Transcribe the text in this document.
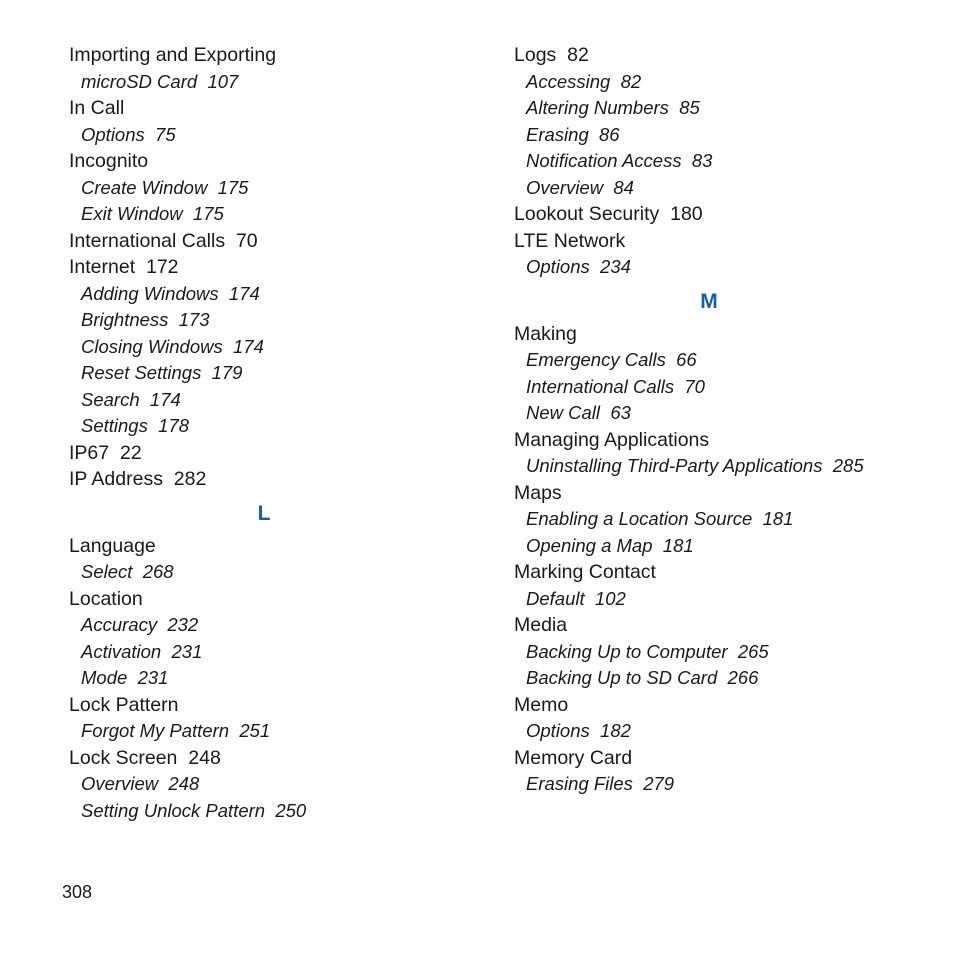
Importing and Exporting
microSD Card 107
In Call
Options 75
Incognito
Create Window 175
Exit Window 175
International Calls 70
Internet 172
Adding Windows 174
Brightness 173
Closing Windows 174
Reset Settings 179
Search 174
Settings 178
IP67 22
IP Address 282
L
Language
Select 268
Location
Accuracy 232
Activation 231
Mode 231
Lock Pattern
Forgot My Pattern 251
Lock Screen 248
Overview 248
Setting Unlock Pattern 250
Logs 82
Accessing 82
Altering Numbers 85
Erasing 86
Notification Access 83
Overview 84
Lookout Security 180
LTE Network
Options 234
M
Making
Emergency Calls 66
International Calls 70
New Call 63
Managing Applications
Uninstalling Third-Party Applications 285
Maps
Enabling a Location Source 181
Opening a Map 181
Marking Contact
Default 102
Media
Backing Up to Computer 265
Backing Up to SD Card 266
Memo
Options 182
Memory Card
Erasing Files 279
308
